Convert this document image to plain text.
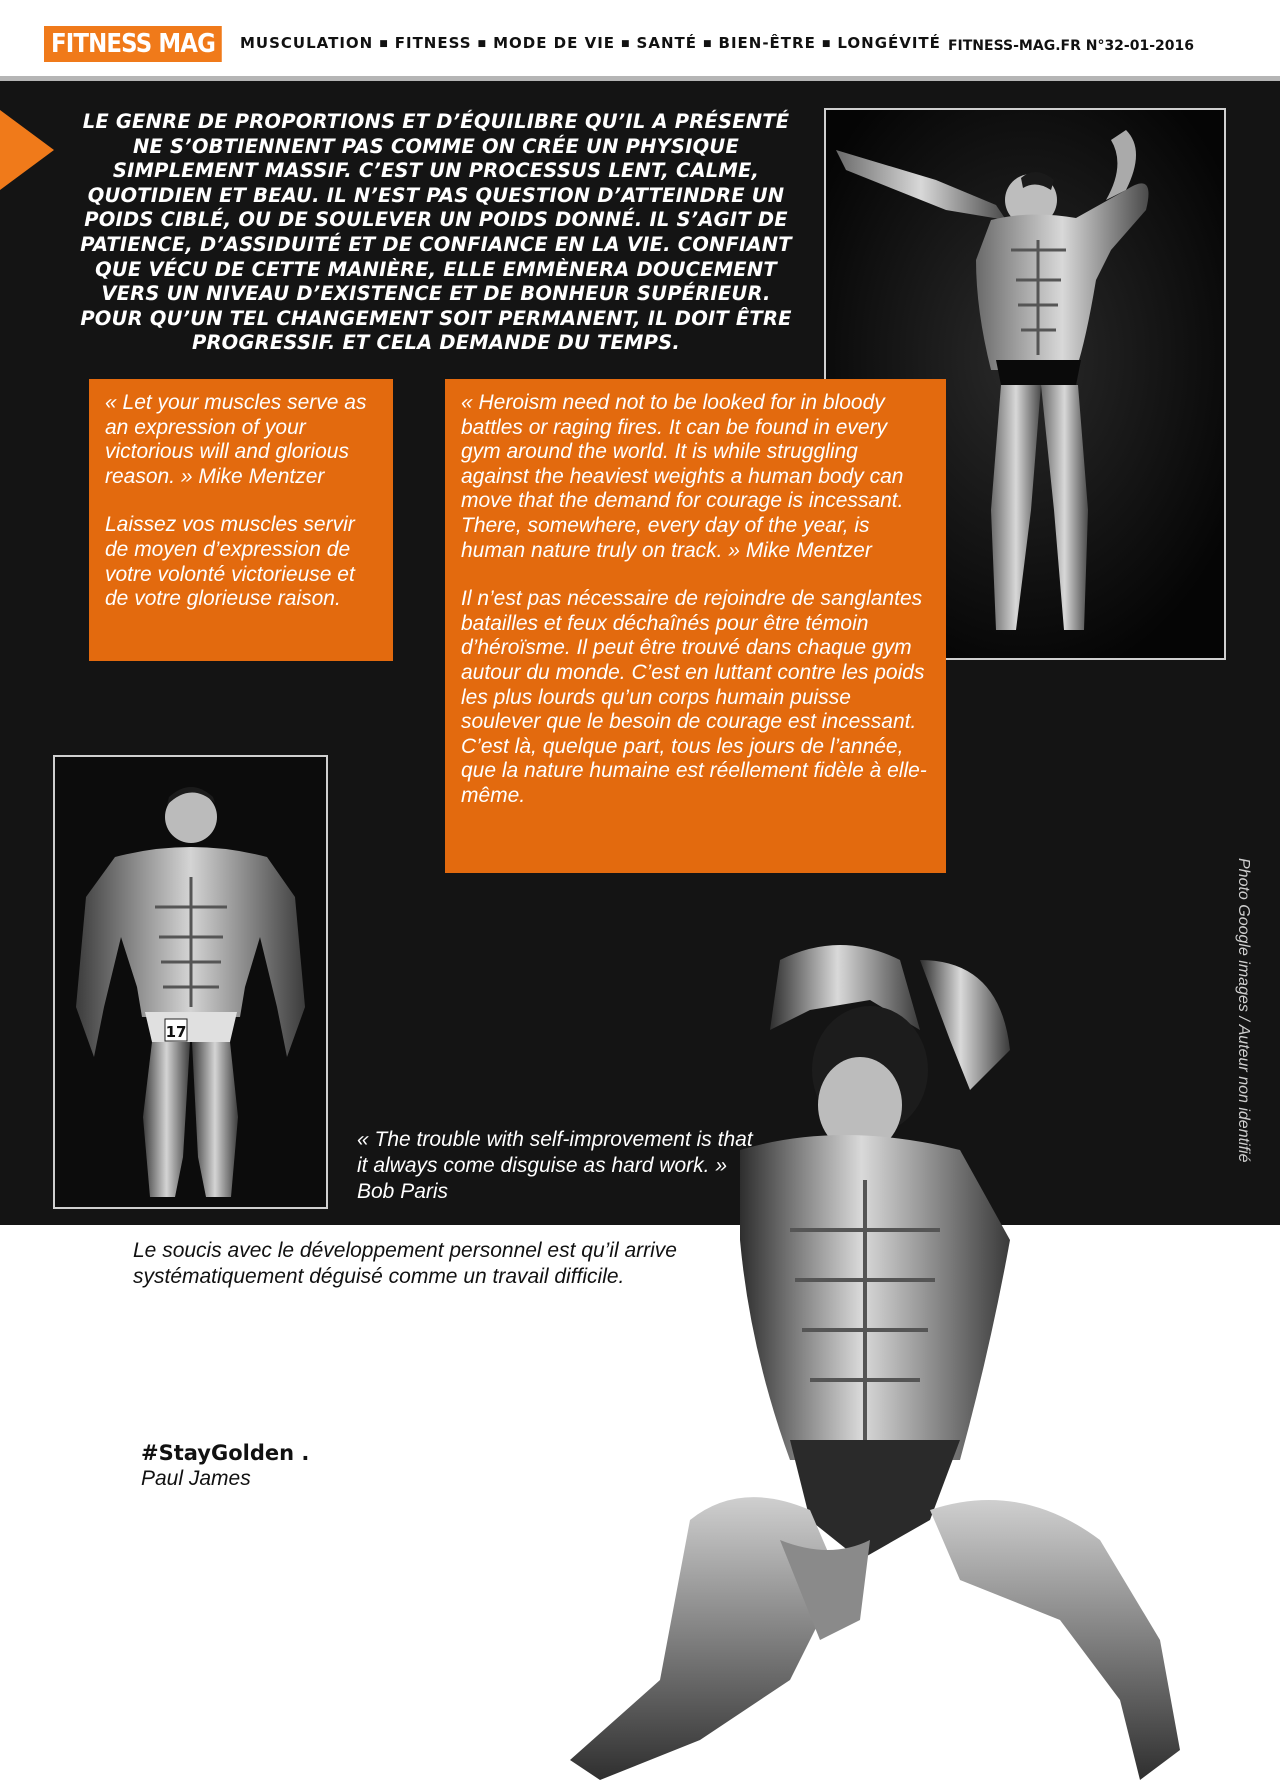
FITNESS MAG	MUSCULATION ■ FITNESS ■ MODE DE VIE ■ SANTÉ ■ BIEN-ÊTRE ■ LONGÉVITÉ FITNESS-MAG.FR N°32-01-2016
LE GENRE DE PROPORTIONS ET D’ÉQUILIBRE QU’IL A PRÉSENTÉ NE S’OBTIENNENT PAS COMME ON CRÉE UN PHYSIQUE SIMPLEMENT MASSIF. C’EST UN PROCESSUS LENT, CALME, QUOTIDIEN ET BEAU. IL N’EST PAS QUESTION D’ATTEINDRE UN POIDS CIBLÉ, OU DE SOULEVER UN POIDS DONNÉ. IL S’AGIT DE PATIENCE, D’ASSIDUITÉ ET DE CONFIANCE EN LA VIE. CONFIANT QUE VÉCU DE CETTE MANIÈRE, ELLE EMMÈNERA DOUCEMENT VERS UN NIVEAU D’EXISTENCE ET DE BONHEUR SUPÉRIEUR. POUR QU’UN TEL CHANGEMENT SOIT PERMANENT, IL DOIT ÊTRE PROGRESSIF. ET CELA DEMANDE DU TEMPS.

« Let your muscles serve as an expression of your victorious will and glorious reason. » Mike Mentzer

Laissez vos muscles servir de moyen d’expression de votre volonté victorieuse et de votre glorieuse raison.

« Heroism need not to be looked for in bloody battles or raging fires. It can be found in every gym around the world. It is while struggling against the heaviest weights a human body can move that the demand for courage is incessant. There, somewhere, every day of the year, is human nature truly on track. » Mike Mentzer

Il n’est pas nécessaire de rejoindre de sanglantes batailles et feux déchaînés pour être témoin d’héroïsme. Il peut être trouvé dans chaque gym autour du monde. C’est en luttant contre les poids les plus lourds qu’un corps humain puisse soulever que le besoin de courage est incessant. C’est là, quelque part, tous les jours de l’année, que la nature humaine est réellement fidèle à elle-même.

17	Photo Google images / Auteur non identifié
« The trouble with self-improvement is that it always come disguise as hard work. » Bob Paris
Le soucis avec le développement personnel est qu’il arrive systématiquement déguisé comme un travail difficile.
#StayGolden .
Paul James
